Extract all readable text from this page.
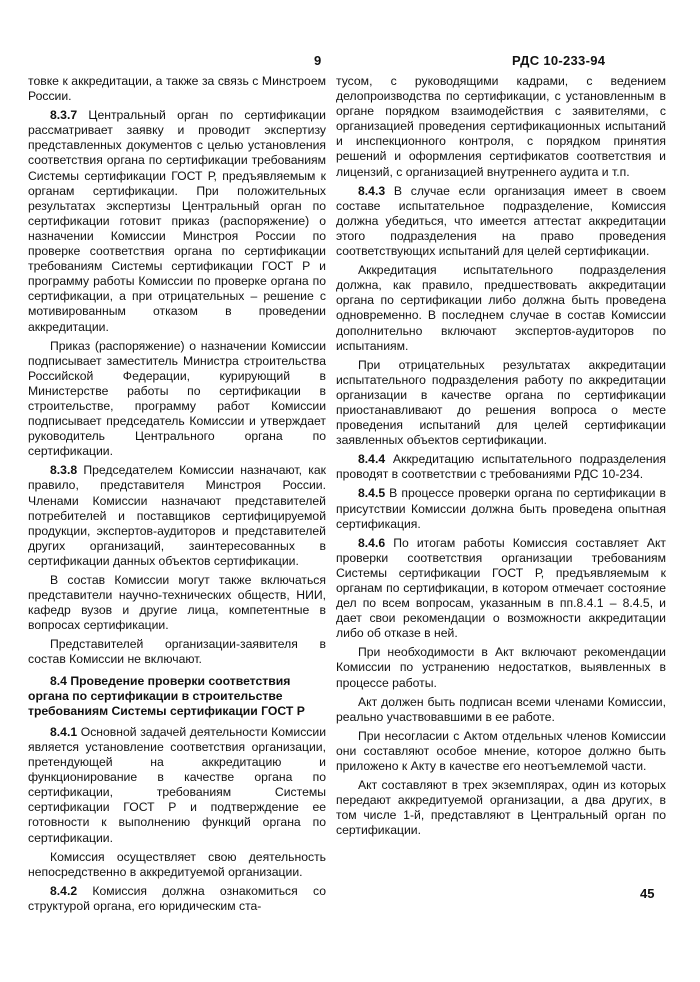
9	РДС 10-233-94

товке к аккредитации, а также за связь с Минстроем России.

8.3.7 Центральный орган по сертификации рассматривает заявку и проводит экспертизу представленных документов с целью установления соответствия органа по сертификации требованиям Системы сертификации ГОСТ Р, предъявляемым к органам сертификации. При положительных результатах экспертизы Центральный орган по сертификации готовит приказ (распоряжение) о назначении Комиссии Минстроя России по проверке соответствия органа по сертификации требованиям Системы сертификации ГОСТ Р и программу работы Комиссии по проверке органа по сертификации, а при отрицательных – решение с мотивированным отказом в проведении аккредитации.

Приказ (распоряжение) о назначении Комиссии подписывает заместитель Министра строительства Российской Федерации, курирующий в Министерстве работы по сертификации в строительстве, программу работ Комиссии подписывает председатель Комиссии и утверждает руководитель Центрального органа по сертификации.

8.3.8 Председателем Комиссии назначают, как правило, представителя Минстроя России. Членами Комиссии назначают представителей потребителей и поставщиков сертифицируемой продукции, экспертов-аудиторов и представителей других организаций, заинтересованных в сертификации данных объектов сертификации.

В состав Комиссии могут также включаться представители научно-технических обществ, НИИ, кафедр вузов и другие лица, компетентные в вопросах сертификации.

Представителей организации-заявителя в состав Комиссии не включают.

8.4 Проведение проверки соответствия органа по сертификации в строительстве требованиям Системы сертификации ГОСТ Р

8.4.1 Основной задачей деятельности Комиссии является установление соответствия организации, претендующей на аккредитацию и функционирование в качестве органа по сертификации, требованиям Системы сертификации ГОСТ Р и подтверждение ее готовности к выполнению функций органа по сертификации.

Комиссия осуществляет свою деятельность непосредственно в аккредитуемой организации.

8.4.2 Комиссия должна ознакомиться со структурой органа, его юридическим ста-

тусом, с руководящими кадрами, с ведением делопроизводства по сертификации, с установленным в органе порядком взаимодействия с заявителями, с организацией проведения сертификационных испытаний и инспекционного контроля, с порядком принятия решений и оформления сертификатов соответствия и лицензий, с организацией внутреннего аудита и т.п.

8.4.3 В случае если организация имеет в своем составе испытательное подразделение, Комиссия должна убедиться, что имеется аттестат аккредитации этого подразделения на право проведения соответствующих испытаний для целей сертификации.

Аккредитация испытательного подразделения должна, как правило, предшествовать аккредитации органа по сертификации либо должна быть проведена одновременно. В последнем случае в состав Комиссии дополнительно включают экспертов-аудиторов по испытаниям.

При отрицательных результатах аккредитации испытательного подразделения работу по аккредитации организации в качестве органа по сертификации приостанавливают до решения вопроса о месте проведения испытаний для целей сертификации заявленных объектов сертификации.

8.4.4 Аккредитацию испытательного подразделения проводят в соответствии с требованиями РДС 10-234.

8.4.5 В процессе проверки органа по сертификации в присутствии Комиссии должна быть проведена опытная сертификация.

8.4.6 По итогам работы Комиссия составляет Акт проверки соответствия организации требованиям Системы сертификации ГОСТ Р, предъявляемым к органам по сертификации, в котором отмечает состояние дел по всем вопросам, указанным в пп.8.4.1 – 8.4.5, и дает свои рекомендации о возможности аккредитации либо об отказе в ней.

При необходимости в Акт включают рекомендации Комиссии по устранению недостатков, выявленных в процессе работы.

Акт должен быть подписан всеми членами Комиссии, реально участвовавшими в ее работе.

При несогласии с Актом отдельных членов Комиссии они составляют особое мнение, которое должно быть приложено к Акту в качестве его неотъемлемой части.

Акт составляют в трех экземплярах, один из которых передают аккредитуемой организации, а два других, в том числе 1-й, представляют в Центральный орган по сертификации.

45
